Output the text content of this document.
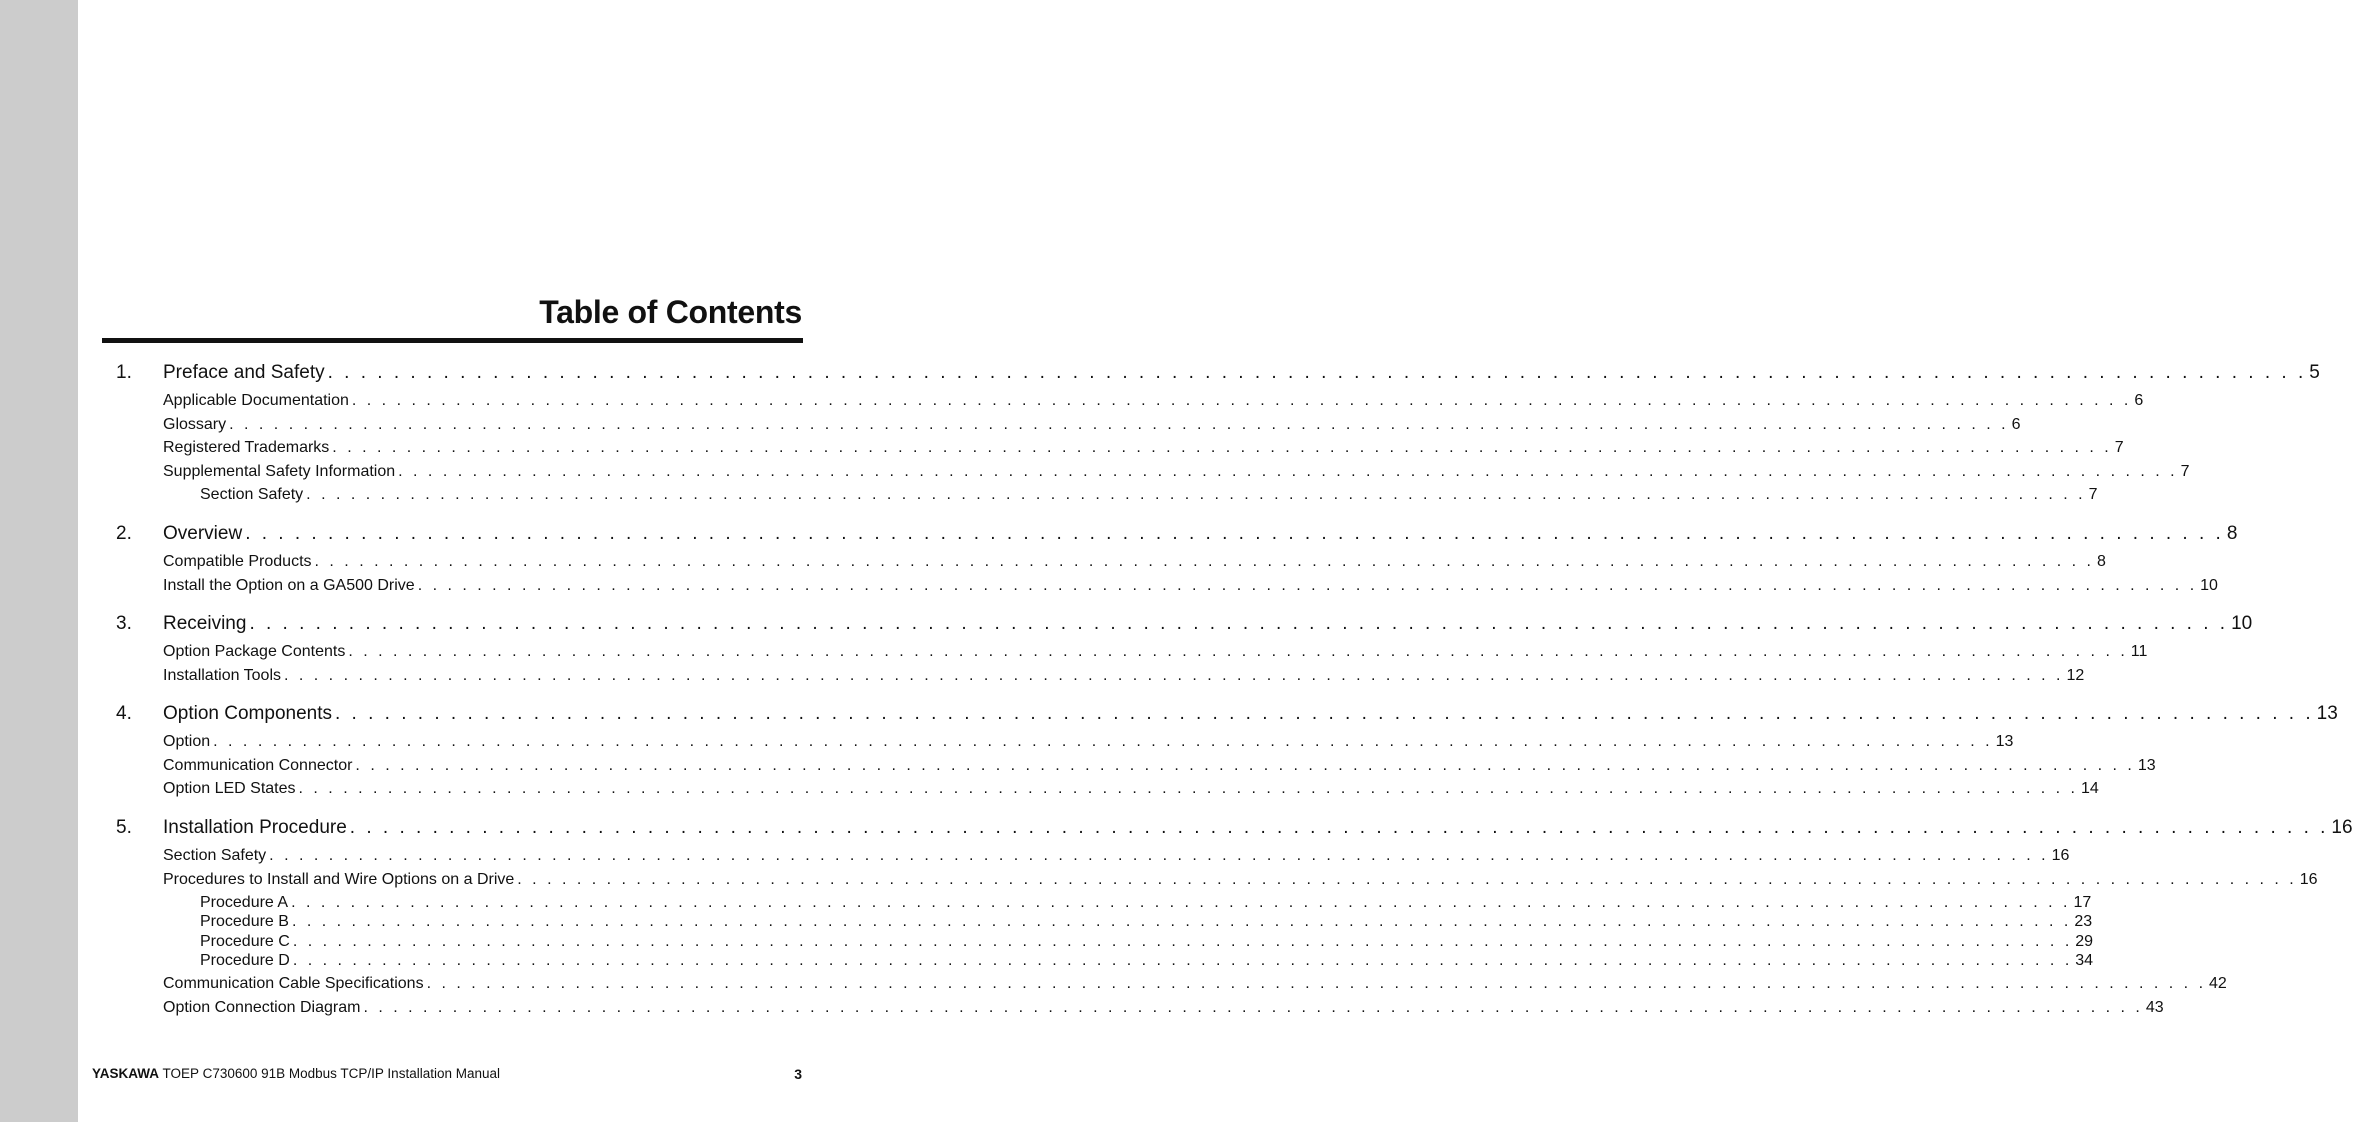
Table of Contents
1. Preface and Safety . . . . . . . . . . . . . . . . . . . . . . . . . . . . . . . . . . . . . . . . . . . . . . . . . . . . . . . . . . . . . . . . . . . . . . . . . . . . . . . . . . . . . . . . . . . . . . . . . . . . . . . . . . . . . . . . . . . . . . . . 5
Applicable Documentation . . . . . . . . . . . . . . . . . . . . . . . . . . . . . . . . . . . . . . . . . . . . . . . . . . . . . . . . . . . . . . . . . . . . . . . . . . . . . . . . . . . . . . . . . . . . . . . . . . . . . . . . . . . . . . . . . . . . . . . . 6
Glossary . . . . . . . . . . . . . . . . . . . . . . . . . . . . . . . . . . . . . . . . . . . . . . . . . . . . . . . . . . . . . . . . . . . . . . . . . . . . . . . . . . . . . . . . . . . . . . . . . . . . . . . . . . . . . . . . . . . . . . . . 6
Registered Trademarks . . . . . . . . . . . . . . . . . . . . . . . . . . . . . . . . . . . . . . . . . . . . . . . . . . . . . . . . . . . . . . . . . . . . . . . . . . . . . . . . . . . . . . . . . . . . . . . . . . . . . . . . . . . . . . . . . . . . . . . . 7
Supplemental Safety Information . . . . . . . . . . . . . . . . . . . . . . . . . . . . . . . . . . . . . . . . . . . . . . . . . . . . . . . . . . . . . . . . . . . . . . . . . . . . . . . . . . . . . . . . . . . . . . . . . . . . . . . . . . . . . . . . . . . . . . . . 7
Section Safety . . . . . . . . . . . . . . . . . . . . . . . . . . . . . . . . . . . . . . . . . . . . . . . . . . . . . . . . . . . . . . . . . . . . . . . . . . . . . . . . . . . . . . . . . . . . . . . . . . . . . . . . . . . . . . . . . . . . . . . . 7
2. Overview . . . . . . . . . . . . . . . . . . . . . . . . . . . . . . . . . . . . . . . . . . . . . . . . . . . . . . . . . . . . . . . . . . . . . . . . . . . . . . . . . . . . . . . . . . . . . . . . . . . . . . . . . . . . . . . . . . . . . . . . 8
Compatible Products . . . . . . . . . . . . . . . . . . . . . . . . . . . . . . . . . . . . . . . . . . . . . . . . . . . . . . . . . . . . . . . . . . . . . . . . . . . . . . . . . . . . . . . . . . . . . . . . . . . . . . . . . . . . . . . . . . . . . . . . 8
Install the Option on a GA500 Drive . . . . . . . . . . . . . . . . . . . . . . . . . . . . . . . . . . . . . . . . . . . . . . . . . . . . . . . . . . . . . . . . . . . . . . . . . . . . . . . . . . . . . . . . . . . . . . . . . . . . . . . . . . . . . . . . . . . . . . . . 10
3. Receiving . . . . . . . . . . . . . . . . . . . . . . . . . . . . . . . . . . . . . . . . . . . . . . . . . . . . . . . . . . . . . . . . . . . . . . . . . . . . . . . . . . . . . . . . . . . . . . . . . . . . . . . . . . . . . . . . . . . . . . . . 10
Option Package Contents . . . . . . . . . . . . . . . . . . . . . . . . . . . . . . . . . . . . . . . . . . . . . . . . . . . . . . . . . . . . . . . . . . . . . . . . . . . . . . . . . . . . . . . . . . . . . . . . . . . . . . . . . . . . . . . . . . . . . . . . 11
Installation Tools . . . . . . . . . . . . . . . . . . . . . . . . . . . . . . . . . . . . . . . . . . . . . . . . . . . . . . . . . . . . . . . . . . . . . . . . . . . . . . . . . . . . . . . . . . . . . . . . . . . . . . . . . . . . . . . . . . . . . . . . 12
4. Option Components . . . . . . . . . . . . . . . . . . . . . . . . . . . . . . . . . . . . . . . . . . . . . . . . . . . . . . . . . . . . . . . . . . . . . . . . . . . . . . . . . . . . . . . . . . . . . . . . . . . . . . . . . . . . . . . . . . . . . . . . 13
Option . . . . . . . . . . . . . . . . . . . . . . . . . . . . . . . . . . . . . . . . . . . . . . . . . . . . . . . . . . . . . . . . . . . . . . . . . . . . . . . . . . . . . . . . . . . . . . . . . . . . . . . . . . . . . . . . . . . . . . . . 13
Communication Connector . . . . . . . . . . . . . . . . . . . . . . . . . . . . . . . . . . . . . . . . . . . . . . . . . . . . . . . . . . . . . . . . . . . . . . . . . . . . . . . . . . . . . . . . . . . . . . . . . . . . . . . . . . . . . . . . . . . . . . . . 13
Option LED States . . . . . . . . . . . . . . . . . . . . . . . . . . . . . . . . . . . . . . . . . . . . . . . . . . . . . . . . . . . . . . . . . . . . . . . . . . . . . . . . . . . . . . . . . . . . . . . . . . . . . . . . . . . . . . . . . . . . . . . . 14
5. Installation Procedure . . . . . . . . . . . . . . . . . . . . . . . . . . . . . . . . . . . . . . . . . . . . . . . . . . . . . . . . . . . . . . . . . . . . . . . . . . . . . . . . . . . . . . . . . . . . . . . . . . . . . . . . . . . . . . . . . . . . . . . . 16
Section Safety . . . . . . . . . . . . . . . . . . . . . . . . . . . . . . . . . . . . . . . . . . . . . . . . . . . . . . . . . . . . . . . . . . . . . . . . . . . . . . . . . . . . . . . . . . . . . . . . . . . . . . . . . . . . . . . . . . . . . . . . 16
Procedures to Install and Wire Options on a Drive . . . . . . . . . . . . . . . . . . . . . . . . . . . . . . . . . . . . . . . . . . . . . . . . . . . . . . . . . . . . . . . . . . . . . . . . . . . . . . . . . . . . . . . . . . . . . . . . . . . . . . . . . . . . . . . . . . . . . . . . 16
Procedure A . . . . . . . . . . . . . . . . . . . . . . . . . . . . . . . . . . . . . . . . . . . . . . . . . . . . . . . . . . . . . . . . . . . . . . . . . . . . . . . . . . . . . . . . . . . . . . . . . . . . . . . . . . . . . . . . . . . . . . . . 17
Procedure B . . . . . . . . . . . . . . . . . . . . . . . . . . . . . . . . . . . . . . . . . . . . . . . . . . . . . . . . . . . . . . . . . . . . . . . . . . . . . . . . . . . . . . . . . . . . . . . . . . . . . . . . . . . . . . . . . . . . . . . . 23
Procedure C . . . . . . . . . . . . . . . . . . . . . . . . . . . . . . . . . . . . . . . . . . . . . . . . . . . . . . . . . . . . . . . . . . . . . . . . . . . . . . . . . . . . . . . . . . . . . . . . . . . . . . . . . . . . . . . . . . . . . . . . 29
Procedure D . . . . . . . . . . . . . . . . . . . . . . . . . . . . . . . . . . . . . . . . . . . . . . . . . . . . . . . . . . . . . . . . . . . . . . . . . . . . . . . . . . . . . . . . . . . . . . . . . . . . . . . . . . . . . . . . . . . . . . . . 34
Communication Cable Specifications . . . . . . . . . . . . . . . . . . . . . . . . . . . . . . . . . . . . . . . . . . . . . . . . . . . . . . . . . . . . . . . . . . . . . . . . . . . . . . . . . . . . . . . . . . . . . . . . . . . . . . . . . . . . . . . . . . . . . . . . 42
Option Connection Diagram . . . . . . . . . . . . . . . . . . . . . . . . . . . . . . . . . . . . . . . . . . . . . . . . . . . . . . . . . . . . . . . . . . . . . . . . . . . . . . . . . . . . . . . . . . . . . . . . . . . . . . . . . . . . . . . . . . . . . . . . 43
YASKAWA TOEP C730600 91B Modbus TCP/IP Installation Manual	3
